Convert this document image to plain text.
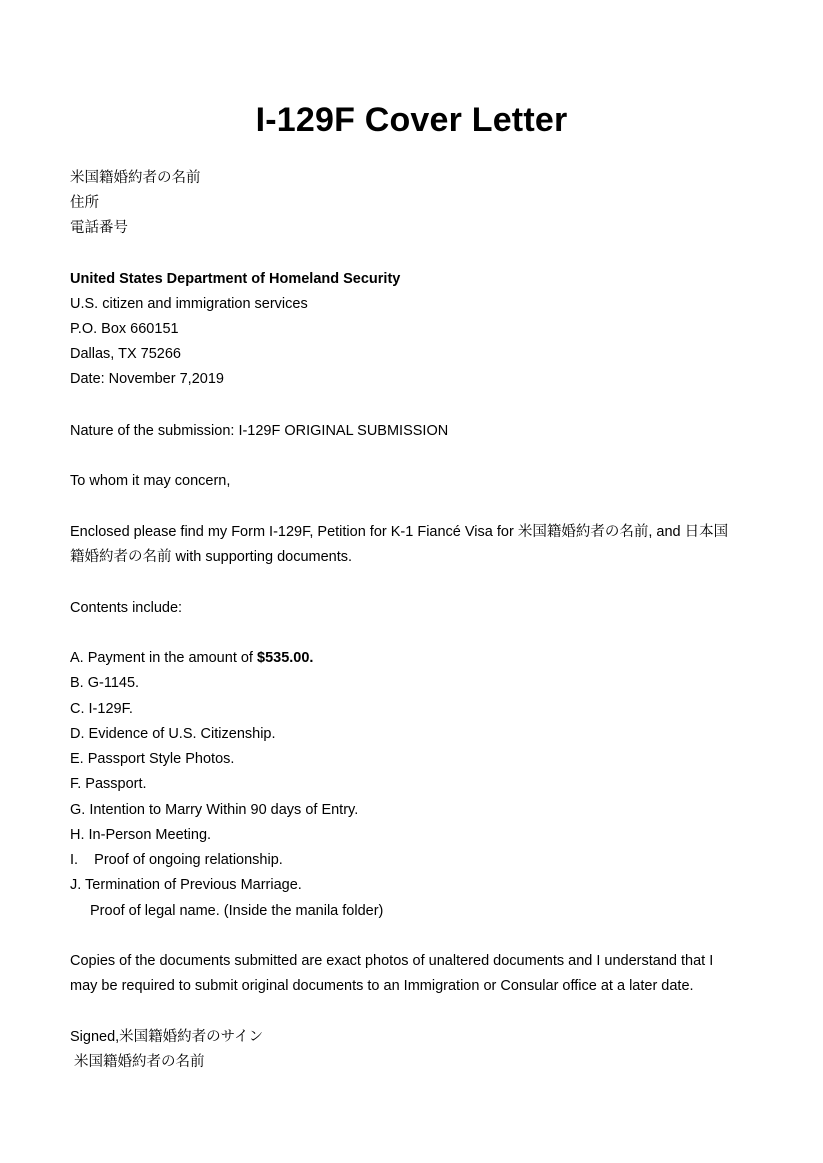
I-129F Cover Letter
米国籍婚約者の名前
住所
電話番号
United States Department of Homeland Security
U.S. citizen and immigration services
P.O. Box 660151
Dallas, TX 75266
Date: November 7,2019
Nature of the submission: I-129F ORIGINAL SUBMISSION
To whom it may concern,
Enclosed please find my Form I-129F, Petition for K-1 Fiancé Visa for 米国籍婚約者の名前, and 日本国
籍婚約者の名前 with supporting documents.
Contents include:
A. Payment in the amount of $535.00.
B. G-1145.
C. I-129F.
D. Evidence of U.S. Citizenship.
E. Passport Style Photos.
F. Passport.
G. Intention to Marry Within 90 days of Entry.
H. In-Person Meeting.
I.    Proof of ongoing relationship.
J. Termination of Previous Marriage.
Proof of legal name. (Inside the manila folder)
Copies of the documents submitted are exact photos of unaltered documents and I understand that I
may be required to submit original documents to an Immigration or Consular office at a later date.
Signed,米国籍婚約者のサイン
米国籍婚約者の名前
